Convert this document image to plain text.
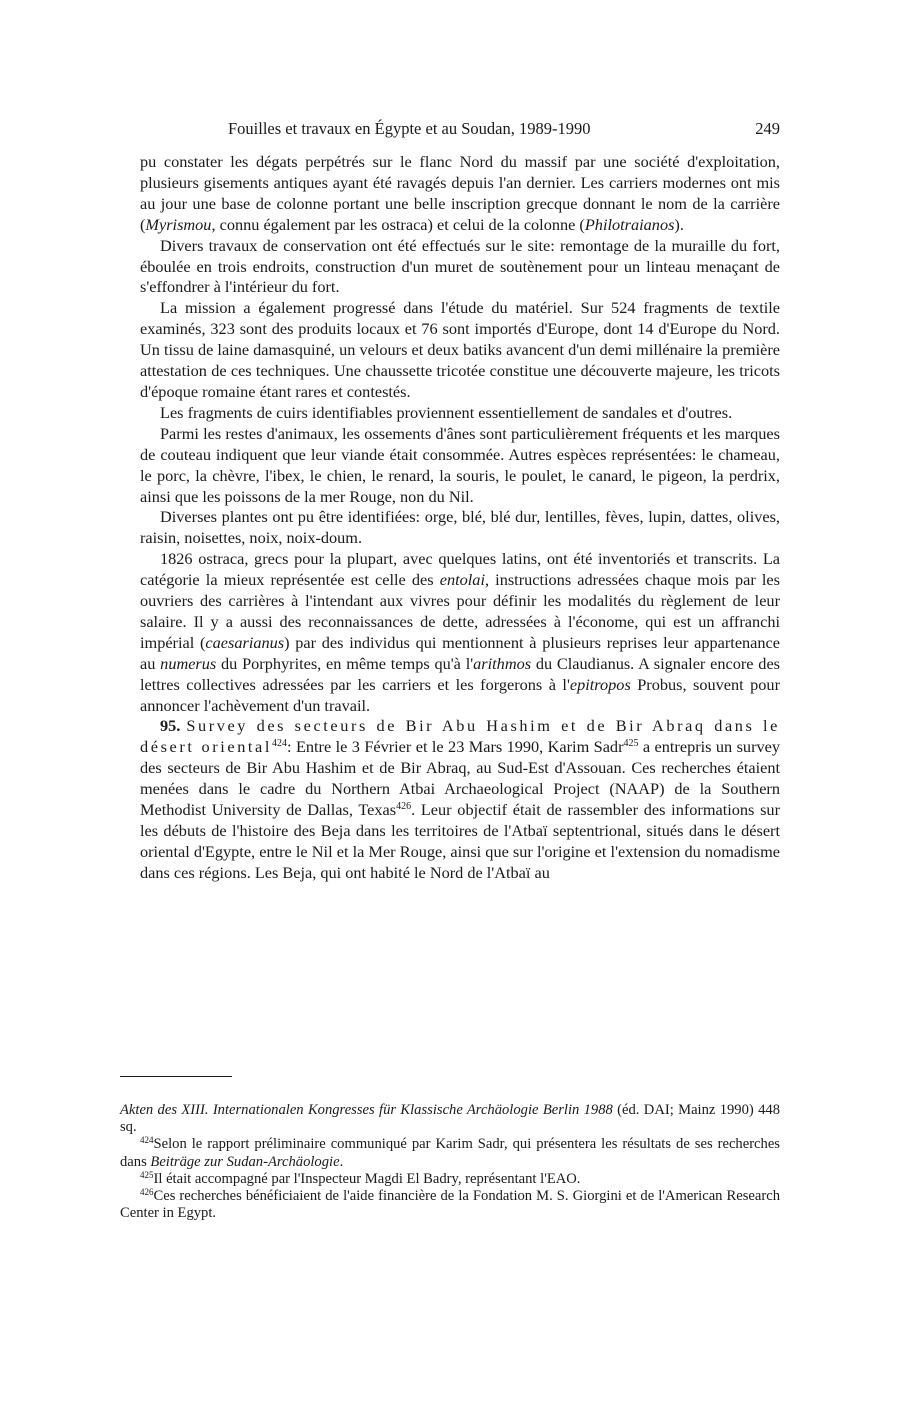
Fouilles et travaux en Égypte et au Soudan, 1989-1990	249

pu constater les dégats perpétrés sur le flanc Nord du massif par une société d'exploitation, plusieurs gisements antiques ayant été ravagés depuis l'an dernier. Les carriers modernes ont mis au jour une base de colonne portant une belle inscription grecque donnant le nom de la carrière (Myrismou, connu également par les ostraca) et celui de la colonne (Philotraianos).

Divers travaux de conservation ont été effectués sur le site: remontage de la muraille du fort, éboulée en trois endroits, construction d'un muret de soutènement pour un linteau menaçant de s'effondrer à l'intérieur du fort.

La mission a également progressé dans l'étude du matériel. Sur 524 fragments de textile examinés, 323 sont des produits locaux et 76 sont importés d'Europe, dont 14 d'Europe du Nord. Un tissu de laine damasquiné, un velours et deux batiks avancent d'un demi millénaire la première attestation de ces techniques. Une chaussette tricotée constitue une découverte majeure, les tricots d'époque romaine étant rares et contestés.

Les fragments de cuirs identifiables proviennent essentiellement de sandales et d'outres.

Parmi les restes d'animaux, les ossements d'ânes sont particulièrement fréquents et les marques de couteau indiquent que leur viande était consommée. Autres espèces représentées: le chameau, le porc, la chèvre, l'ibex, le chien, le renard, la souris, le poulet, le canard, le pigeon, la perdrix, ainsi que les poissons de la mer Rouge, non du Nil.

Diverses plantes ont pu être identifiées: orge, blé, blé dur, lentilles, fèves, lupin, dattes, olives, raisin, noisettes, noix, noix-doum.

1826 ostraca, grecs pour la plupart, avec quelques latins, ont été inventoriés et transcrits. La catégorie la mieux représentée est celle des entolai, instructions adressées chaque mois par les ouvriers des carrières à l'intendant aux vivres pour définir les modalités du règlement de leur salaire. Il y a aussi des reconnaissances de dette, adressées à l'économe, qui est un affranchi impérial (caesarianus) par des individus qui mentionnent à plusieurs reprises leur appartenance au numerus du Porphyrites, en même temps qu'à l'arithmos du Claudianus. A signaler encore des lettres collectives adressées par les carriers et les forgerons à l'epitropos Probus, souvent pour annoncer l'achèvement d'un travail.

95. Survey des secteurs de Bir Abu Hashim et de Bir Abraq dans le désert oriental$^{424}$: Entre le 3 Février et le 23 Mars 1990, Karim Sadr$^{425}$ a entrepris un survey des secteurs de Bir Abu Hashim et de Bir Abraq, au Sud-Est d'Assouan. Ces recherches étaient menées dans le cadre du Northern Atbai Archaeological Project (NAAP) de la Southern Methodist University de Dallas, Texas$^{426}$. Leur objectif était de rassembler des informations sur les débuts de l'histoire des Beja dans les territoires de l'Atbaï septentrional, situés dans le désert oriental d'Egypte, entre le Nil et la Mer Rouge, ainsi que sur l'origine et l'extension du nomadisme dans ces régions. Les Beja, qui ont habité le Nord de l'Atbaï au

Akten des XIII. Internationalen Kongresses für Klassische Archäologie Berlin 1988 (éd. DAI; Mainz 1990) 448 sq.

$^{424}$Selon le rapport préliminaire communiqué par Karim Sadr, qui présentera les résultats de ses recherches dans Beiträge zur Sudan-Archäologie.

$^{425}$Il était accompagné par l'Inspecteur Magdi El Badry, représentant l'EAO.

$^{426}$Ces recherches bénéficiaient de l'aide financière de la Fondation M. S. Giorgini et de l'American Research Center in Egypt.
